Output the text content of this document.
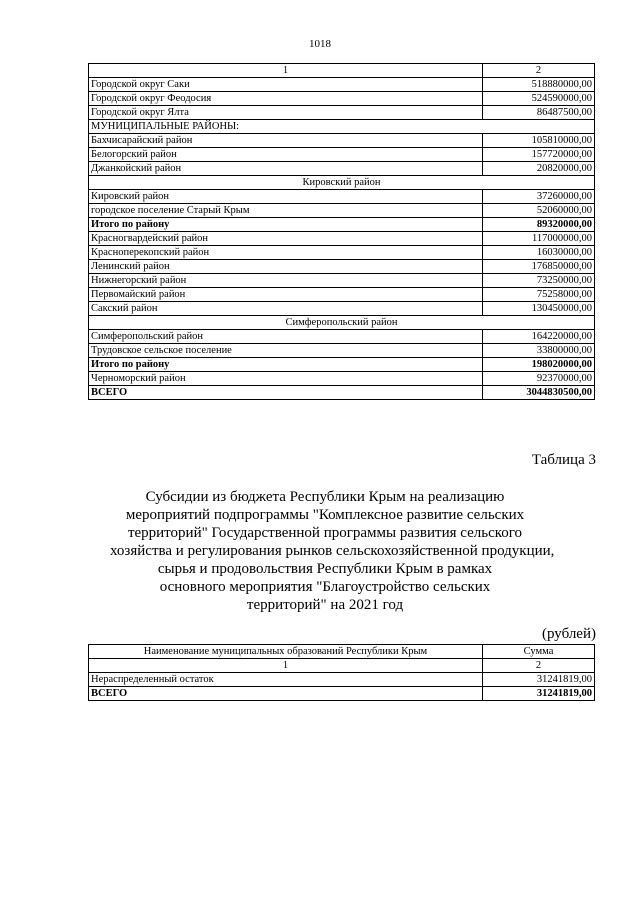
1018
1	2
Городской округ Саки	518880000,00
Городской округ Феодосия	524590000,00
Городской округ Ялта	86487500,00
МУНИЦИПАЛЬНЫЕ РАЙОНЫ:	
Бахчисарайский район	105810000,00
Белогорский район	157720000,00
Джанкойский район	20820000,00
Кировский район	
Кировский район	37260000,00
городское поселение Старый Крым	52060000,00
Итого по району	89320000,00
Красногвардейский район	117000000,00
Красноперекопский район	16030000,00
Ленинский район	176850000,00
Нижнегорский район	73250000,00
Первомайский район	75258000,00
Сакский район	130450000,00
Симферопольский район	
Симферопольский район	164220000,00
Трудовское сельское поселение	33800000,00
Итого по району	198020000,00
Черноморский район	92370000,00
ВСЕГО	3044830500,00
Таблица 3
Субсидии из бюджета Республики Крым на реализацию
мероприятий подпрограммы "Комплексное развитие сельских
территорий" Государственной программы развития сельского
хозяйства и регулирования рынков сельскохозяйственной продукции,
сырья и продовольствия Республики Крым в рамках
основного мероприятия "Благоустройство сельских
территорий" на 2021 год
(рублей)
Наименование муниципальных образований Республики Крым	Сумма
1	2
Нераспределенный остаток	31241819,00
ВСЕГО	31241819,00
